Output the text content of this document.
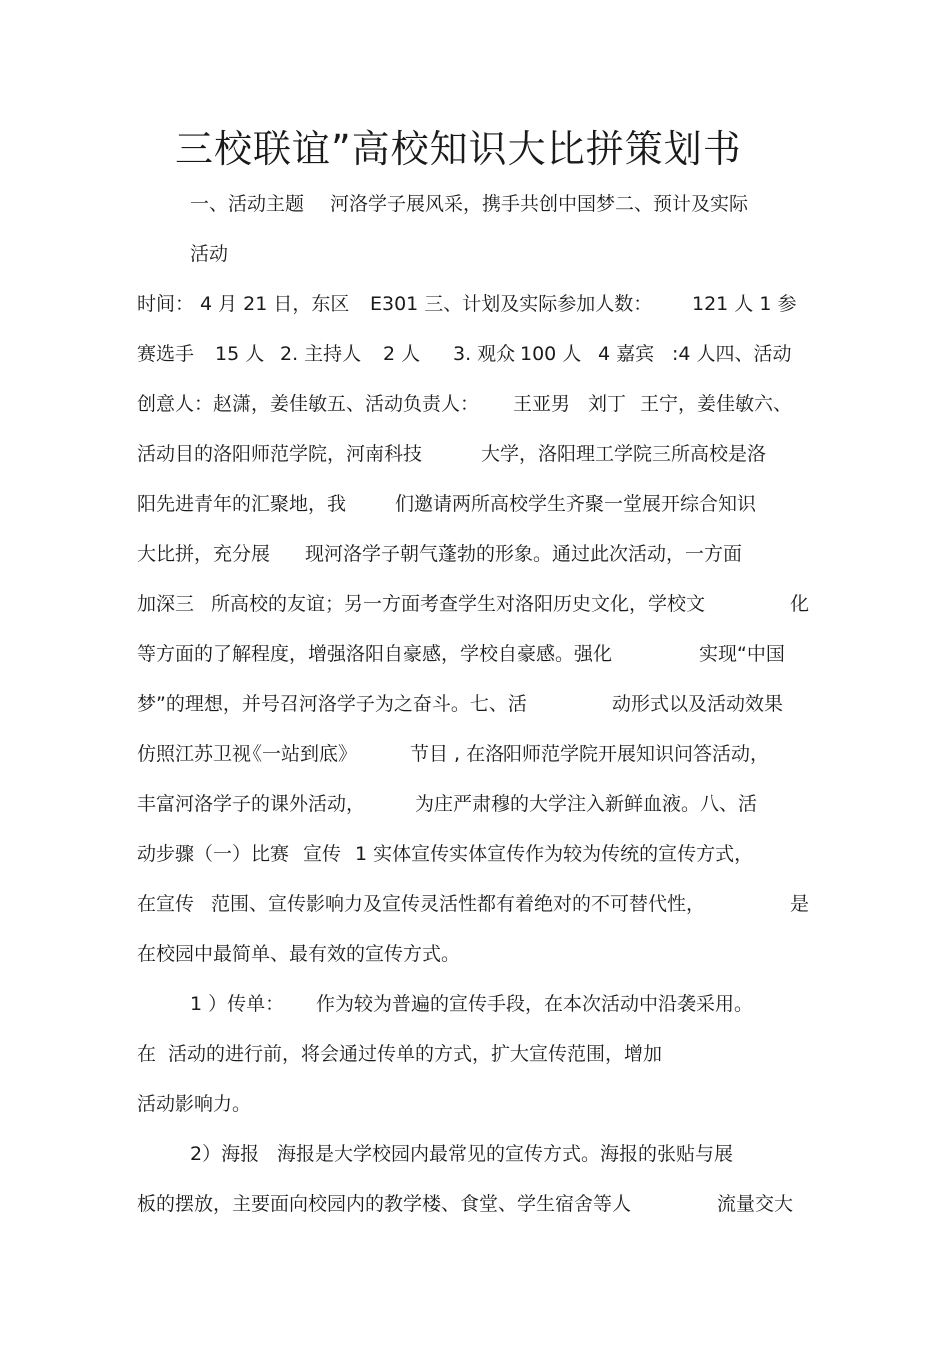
三校联谊”高校知识大比拼策划书
一、活动主题 河洛学子展风采，携手共创中国梦二、预计及实际
活动
时间： 4 月 21 日，东区 E301 三、计划及实际参加人数： 121 人 1 参
赛选手 15 人 2. 主持人 2 人 3. 观众 100 人 4 嘉宾 :4 人四、活动
创意人：赵潇，姜佳敏五、活动负责人： 王亚男 刘丁 王宁，姜佳敏六、
活动目的洛阳师范学院，河南科技	大学，洛阳理工学院三所高校是洛
阳先进青年的汇聚地，我	们邀请两所高校学生齐聚一堂展开综合知识
大比拼，充分展 现河洛学子朝气蓬勃的形象。通过此次活动，一方面
加深三 所高校的友谊；另一方面考查学生对洛阳历史文化，学校文	化
等方面的了解程度，增强洛阳自豪感，学校自豪感。强化	实现“中国
梦”的理想，并号召河洛学子为之奋斗。七、活	动形式以及活动效果
仿照江苏卫视
《一站到底》	节目 , 在洛
阳师范学院开展知识问答活动，
丰富河洛学子的课外活动，	为庄严肃穆的大学注入新鲜血液。八、活
动步骤（一）比赛 宣传 1 实体宣传实体宣传作为较为传统的宣传方式，
在宣传 范围、宣传影响力及宣传灵活性都有着绝对的不可替代性，	是
在校园中最简单、最有效的宣传方式。
1 ）传单： 作为较为普遍的宣传手段，在本次活动中沿袭采用。
在 活动的进行前，将会通过传单的方式，扩大宣传范围，增加
活动影响力。
2）海报 海报是大学校园内最常见的宣传方式。海报的张贴与展
板的摆放，主要面向校园内的教学楼、食堂、学生宿舍等人	流量交大
